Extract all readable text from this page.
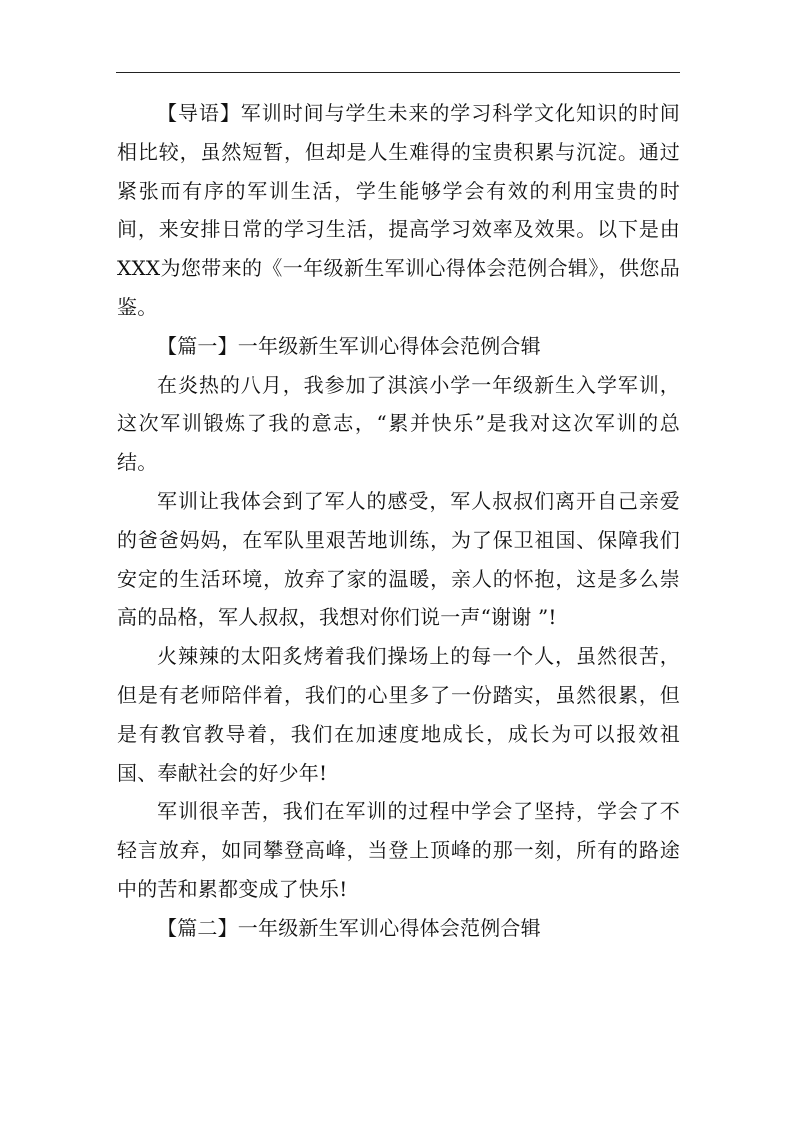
【导语】军训时间与学生未来的学习科学文化知识的时间相比较，虽然短暂，但却是人生难得的宝贵积累与沉淀。通过紧张而有序的军训生活，学生能够学会有效的利用宝贵的时间，来安排日常的学习生活，提高学习效率及效果。以下是由XXX为您带来的《一年级新生军训心得体会范例合辑》，供您品鉴。

【篇一】一年级新生军训心得体会范例合辑

在炎热的八月，我参加了淇滨小学一年级新生入学军训，这次军训锻炼了我的意志，“累并快乐”是我对这次军训的总结。

军训让我体会到了军人的感受，军人叔叔们离开自己亲爱的爸爸妈妈，在军队里艰苦地训练，为了保卫祖国、保障我们安定的生活环境，放弃了家的温暖，亲人的怀抱，这是多么崇高的品格，军人叔叔，我想对你们说一声“谢谢 ”!

火辣辣的太阳炙烤着我们操场上的每一个人，虽然很苦，但是有老师陪伴着，我们的心里多了一份踏实，虽然很累，但是有教官教导着，我们在加速度地成长，成长为可以报效祖国、奉献社会的好少年!

军训很辛苦，我们在军训的过程中学会了坚持，学会了不轻言放弃，如同攀登高峰，当登上顶峰的那一刻，所有的路途中的苦和累都变成了快乐!

【篇二】一年级新生军训心得体会范例合辑
